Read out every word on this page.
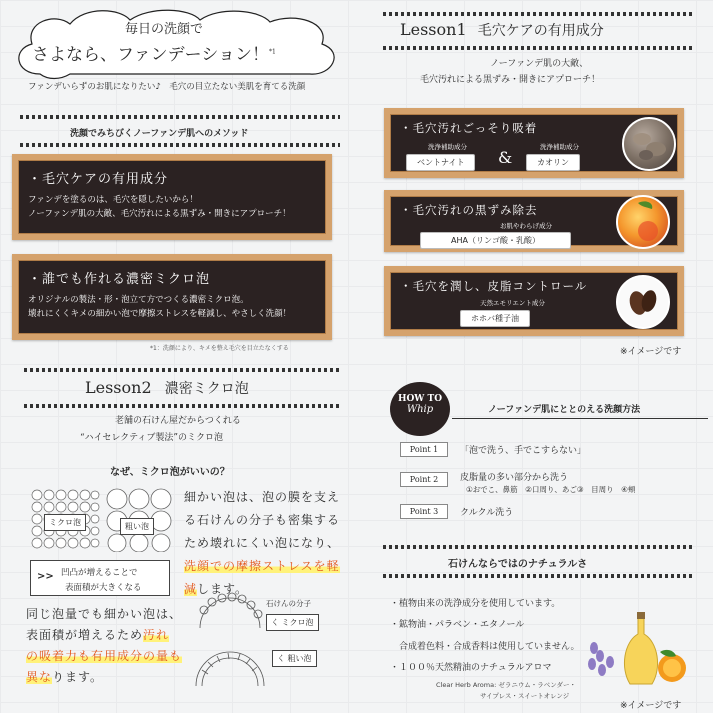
毎日の洗顔で
さよなら、ファンデーション！$^{*1}$
ファンデいらずのお肌になりたい♪　毛穴の目立たない美肌を育てる洗顔
洗顔でみちびくノーファンデ肌へのメソッド
・毛穴ケアの有用成分
ファンデを塗るのは、毛穴を隠したいから！
ノーファンデ肌の大敵、毛穴汚れによる黒ずみ・開きにアプローチ！
・誰でも作れる濃密ミクロ泡
オリジナルの製法・形・泡立て方でつくる濃密ミクロ泡。
壊れにくくキメの細かい泡で摩擦ストレスを軽減し、やさしく洗顔！
*1：洗顔により、キメを整え毛穴を目立たなくする
Lesson1 毛穴ケアの有用成分
ノーファンデ肌の大敵、
毛穴汚れによる黒ずみ・開きにアプローチ！
・毛穴汚れごっそり吸着
洗浄補助成分	洗浄補助成分
ベントナイト	&	カオリン
・毛穴汚れの黒ずみ除去
お肌やわらげ成分
AHA（リンゴ酸・乳酸）
・毛穴を潤し、皮脂コントロール
天然エモリエント成分
ホホバ種子油
※イメージです
Lesson2 濃密ミクロ泡
老舗の石けん屋だからつくれる
“ハイセレクティブ製法”のミクロ泡
なぜ、ミクロ泡がいいの？
ミクロ泡	粗い泡
>> 凹凸が増えることで
表面積が大きくなる
細かい泡は、泡の膜を支える石けんの分子も密集するため壊れにくい泡になり、洗顔での摩擦ストレスを軽減します。
同じ泡量でも細かい泡は、表面積が増えるため汚れの吸着力も有用成分の量も異なります。
石けんの分子
く ミクロ泡
く 粗い泡
HOW TO
Whip	ノーファンデ肌にととのえる洗顔方法
Point 1	「泡で洗う、手でこすらない」
Point 2	皮脂量の多い部分から洗う
①おでこ、鼻筋　②口周り、あご③　目周り　④頬
Point 3	クルクル洗う
石けんならではのナチュラルさ
・植物由来の洗浄成分を使用しています。
・鉱物油・パラベン・エタノール
　合成着色料・合成香料は使用していません。
・１００％天然精油のナチュラルアロマ
Clear Herb Aroma: ゼラニウム・ラベンダー・
サイプレス・スイートオレンジ
※イメージです
